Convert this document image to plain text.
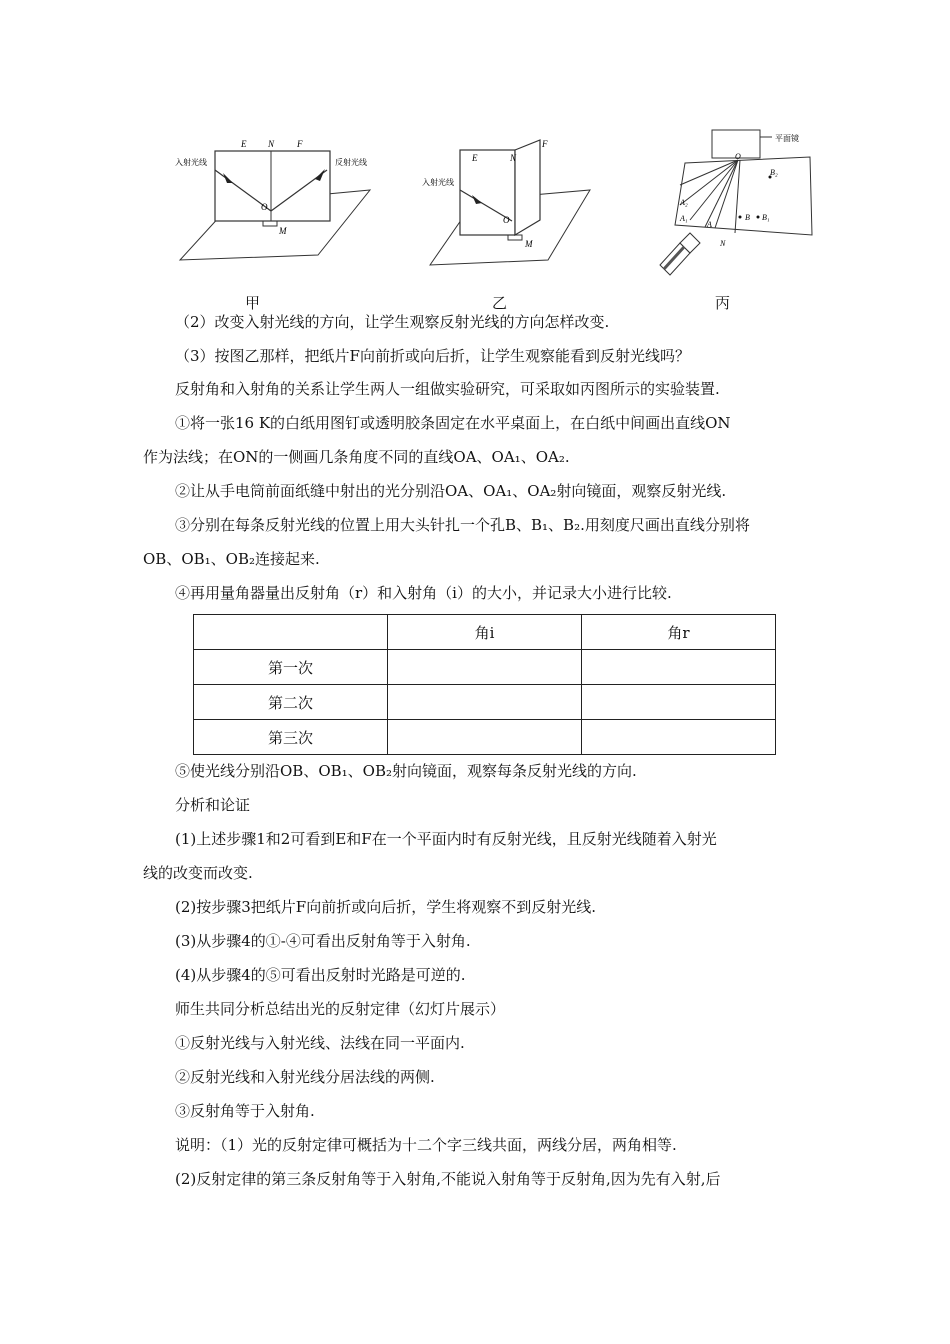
O
E N	F
M
入射光线	反射光线
O
E	N
F
M
入射光线
平面镜
O
N
A
A₁
A₂
B B₁
B₂
甲	乙	丙
（2）改变入射光线的方向，让学生观察反射光线的方向怎样改变.
（3）按图乙那样，把纸片F向前折或向后折，让学生观察能看到反射光线吗？
反射角和入射角的关系让学生两人一组做实验研究，可采取如丙图所示的实验装置.
①将一张16 K的白纸用图钉或透明胶条固定在水平桌面上，在白纸中间画出直线ON
作为法线；在ON的一侧画几条角度不同的直线OA、OA₁、OA₂.
②让从手电筒前面纸缝中射出的光分别沿OA、OA₁、OA₂射向镜面，观察反射光线.
③分别在每条反射光线的位置上用大头针扎一个孔B、B₁、B₂.用刻度尺画出直线分别将
OB、OB₁、OB₂连接起来.
④再用量角器量出反射角（r）和入射角（i）的大小，并记录大小进行比较.
	角i	角r
第一次		
第二次		
第三次		
⑤使光线分别沿OB、OB₁、OB₂射向镜面，观察每条反射光线的方向.
分析和论证
(1)上述步骤1和2可看到E和F在一个平面内时有反射光线，且反射光线随着入射光
线的改变而改变.
(2)按步骤3把纸片F向前折或向后折，学生将观察不到反射光线.
(3)从步骤4的①-④可看出反射角等于入射角.
(4)从步骤4的⑤可看出反射时光路是可逆的.
师生共同分析总结出光的反射定律（幻灯片展示）
①反射光线与入射光线、法线在同一平面内.
②反射光线和入射光线分居法线的两侧.
③反射角等于入射角.
说明：（1）光的反射定律可概括为十二个字三线共面，两线分居，两角相等.
(2)反射定律的第三条反射角等于入射角,不能说入射角等于反射角,因为先有入射,后
